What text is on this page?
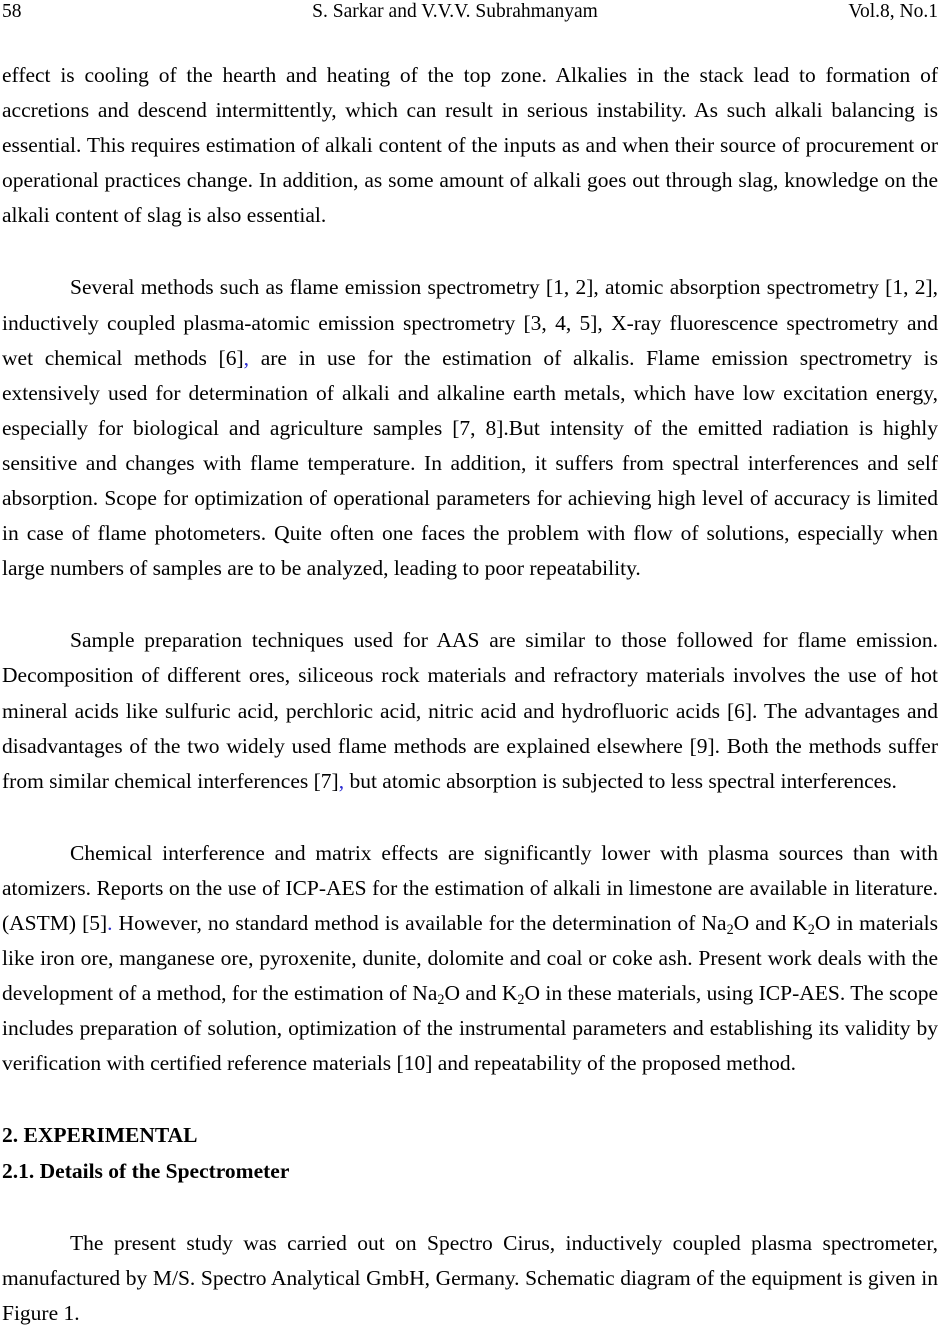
58	S. Sarkar and V.V.V. Subrahmanyam	Vol.8, No.1

effect is cooling of the hearth and heating of the top zone. Alkalies in the stack lead to formation of accretions and descend intermittently, which can result in serious instability. As such alkali balancing is essential. This requires estimation of alkali content of the inputs as and when their source of procurement or operational practices change. In addition, as some amount of alkali goes out through slag, knowledge on the alkali content of slag is also essential.

Several methods such as flame emission spectrometry [1, 2], atomic absorption spectrometry [1, 2], inductively coupled plasma-atomic emission spectrometry [3, 4, 5], X-ray fluorescence spectrometry and wet chemical methods [6], are in use for the estimation of alkalis. Flame emission spectrometry is extensively used for determination of alkali and alkaline earth metals, which have low excitation energy, especially for biological and agriculture samples [7, 8].But intensity of the emitted radiation is highly sensitive and changes with flame temperature. In addition, it suffers from spectral interferences and self absorption. Scope for optimization of operational parameters for achieving high level of accuracy is limited in case of flame photometers. Quite often one faces the problem with flow of solutions, especially when large numbers of samples are to be analyzed, leading to poor repeatability.

Sample preparation techniques used for AAS are similar to those followed for flame emission. Decomposition of different ores, siliceous rock materials and refractory materials involves the use of hot mineral acids like sulfuric acid, perchloric acid, nitric acid and hydrofluoric acids [6]. The advantages and disadvantages of the two widely used flame methods are explained elsewhere [9]. Both the methods suffer from similar chemical interferences [7], but atomic absorption is subjected to less spectral interferences.

Chemical interference and matrix effects are significantly lower with plasma sources than with atomizers. Reports on the use of ICP-AES for the estimation of alkali in limestone are available in literature. (ASTM) [5]. However, no standard method is available for the determination of $Na_2O$ and $K_2O$ in materials like iron ore, manganese ore, pyroxenite, dunite, dolomite and coal or coke ash. Present work deals with the development of a method, for the estimation of $Na_2O$ and $K_2O$ in these materials, using ICP-AES. The scope includes preparation of solution, optimization of the instrumental parameters and establishing its validity by verification with certified reference materials [10] and repeatability of the proposed method.

2. EXPERIMENTAL
2.1. Details of the Spectrometer

The present study was carried out on Spectro Cirus, inductively coupled plasma spectrometer, manufactured by M/S. Spectro Analytical GmbH, Germany. Schematic diagram of the equipment is given in Figure 1.
